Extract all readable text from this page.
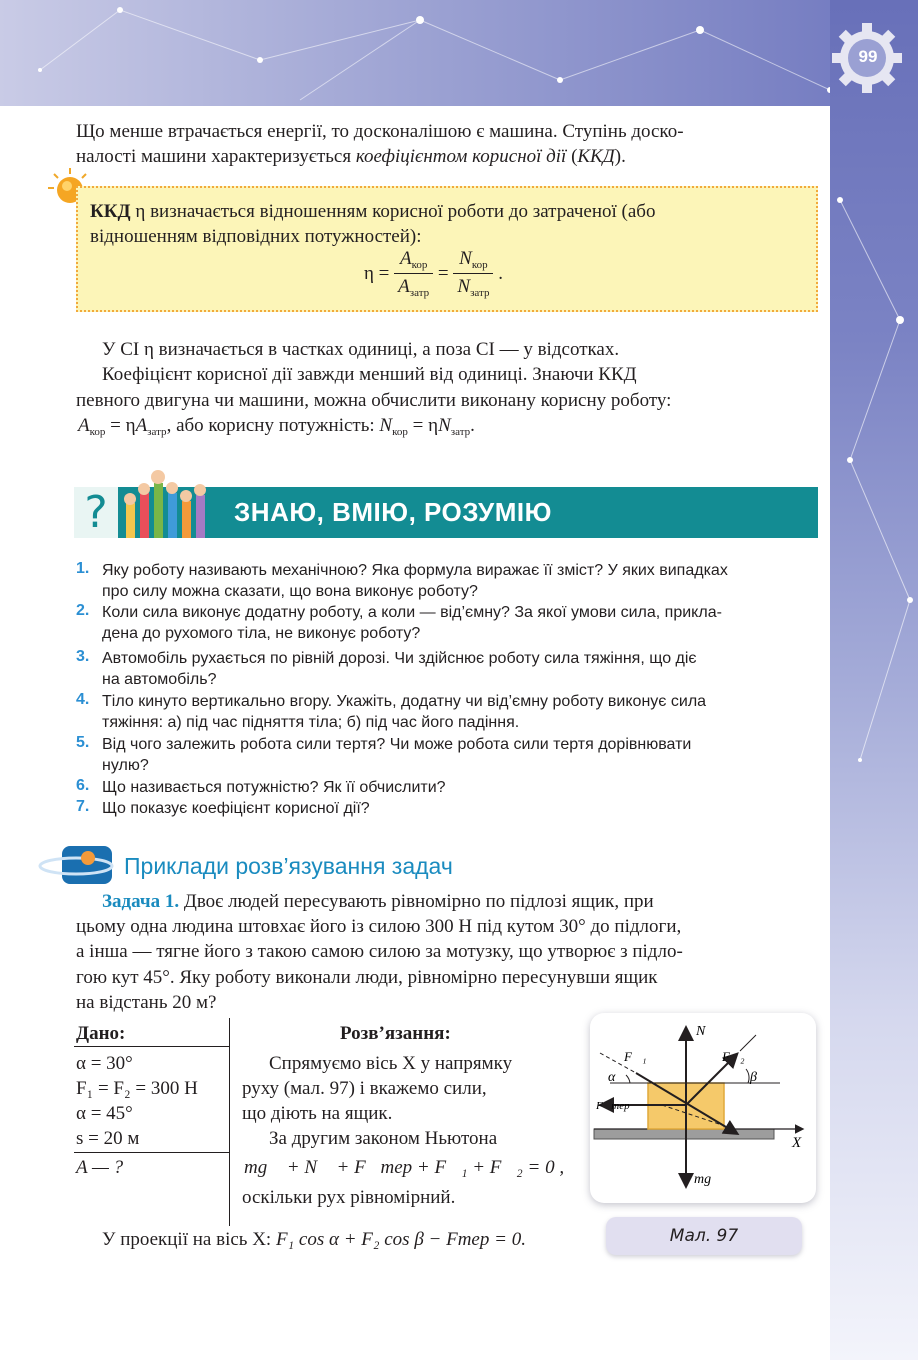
99
Що менше втрачається енергії, то досконалішою є машина. Ступінь доско-
налості машини характеризується коефіцієнтом корисної дії (ККД).
ККД η визначається відношенням корисної роботи до затраченої (або
відношенням відповідних потужностей):
$\eta = \frac{A_{кор}}{A_{затр}} = \frac{N_{кор}}{N_{затр}}$ .
У СІ η визначається в частках одиниці, а поза СІ — у відсотках.
Коефіцієнт корисної дії завжди менший від одиниці. Знаючи ККД
певного двигуна чи машини, можна обчислити виконану корисну роботу:
$A_{кор} = \eta A_{затр}$, або корисну потужність: $N_{кор} = \eta N_{затр}$.
?	ЗНАЮ, ВМІЮ, РОЗУМІЮ
1. Яку роботу називають механічною? Яка формула виражає її зміст? У яких випадках
про силу можна сказати, що вона виконує роботу?
2. Коли сила виконує додатну роботу, а коли — від’ємну? За якої умови сила, прикла-
дена до рухомого тіла, не виконує роботу?
3. Автомобіль рухається по рівній дорозі. Чи здійснює роботу сила тяжіння, що діє
на автомобіль?
4. Тіло кинуто вертикально вгору. Укажіть, додатну чи від’ємну роботу виконує сила
тяжіння: а) під час підняття тіла; б) під час його падіння.
5. Від чого залежить робота сили тертя? Чи може робота сили тертя дорівнювати
нулю?
6. Що називається потужністю? Як її обчислити?
7. Що показує коефіцієнт корисної дії?
Приклади розв’язування задач
Задача 1. Двоє людей пересувають рівномірно по підлозі ящик, при
цьому одна людина штовхає його із силою 300 Н під кутом 30° до підлоги,
а інша — тягне його з такою самою силою за мотузку, що утворює з підло-
гою кут 45°. Яку роботу виконали люди, рівномірно пересунувши ящик
на відстань 20 м?
Дано:
α = 30°
F₁ = F₂ = 300 Н
α = 45°
s = 20 м
A — ?
Розв’язання:
Спрямуємо вісь X у напрямку
руху (мал. 97) і вкажемо сили,
що діють на ящик.
За другим законом Ньютона
mg⃗ + N⃗ + F⃗тер + F⃗₁ + F⃗₂ = 0 ,
оскільки рух рівномірний.
У проекції на вісь X: F₁ cos α + F₂ cos β − Fтер = 0.
N⃗
F⃗₁	F⃗₂
α	β
F⃗тер
X
mg⃗
Мал. 97
